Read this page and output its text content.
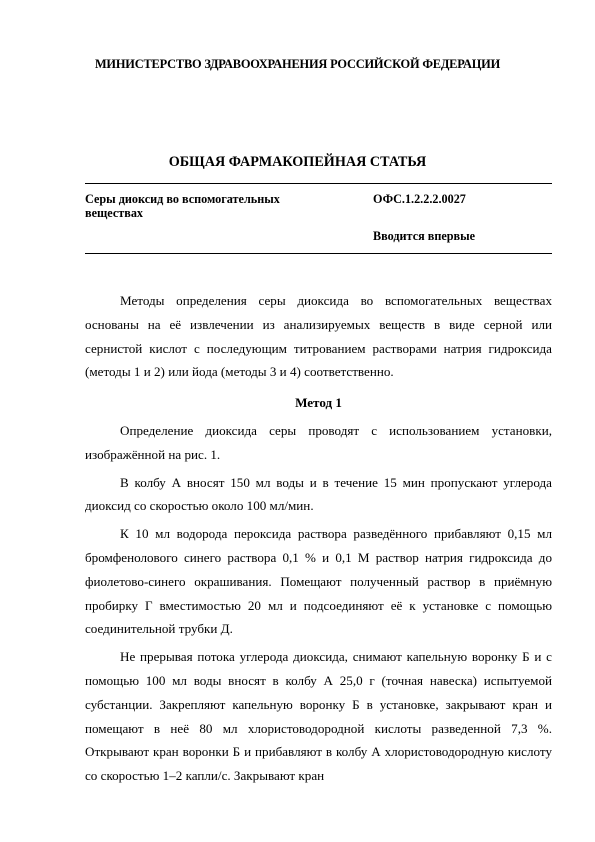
МИНИСТЕРСТВО ЗДРАВООХРАНЕНИЯ РОССИЙСКОЙ ФЕДЕРАЦИИ
ОБЩАЯ ФАРМАКОПЕЙНАЯ СТАТЬЯ
Серы диоксид во вспомогательных веществах
ОФС.1.2.2.2.0027
Вводится впервые

Методы определения серы диоксида во вспомогательных веществах основаны на её извлечении из анализируемых веществ в виде серной или сернистой кислот с последующим титрованием растворами натрия гидроксида (методы 1 и 2) или йода (методы 3 и 4) соответственно.

Метод 1

Определение диоксида серы проводят с использованием установки, изображённой на рис. 1.

В колбу А вносят 150 мл воды и в течение 15 мин пропускают углерода диоксид со скоростью около 100 мл/мин.

К 10 мл водорода пероксида раствора разведённого прибавляют 0,15 мл бромфенолового синего раствора 0,1 % и 0,1 М раствор натрия гидроксида до фиолетово-синего окрашивания. Помещают полученный раствор в приёмную пробирку Г вместимостью 20 мл и подсоединяют её к установке с помощью соединительной трубки Д.

Не прерывая потока углерода диоксида, снимают капельную воронку Б и с помощью 100 мл воды вносят в колбу А 25,0 г (точная навеска) испытуемой субстанции. Закрепляют капельную воронку Б в установке, закрывают кран и помещают в неё 80 мл хлористоводородной кислоты разведенной 7,3 %. Открывают кран воронки Б и прибавляют в колбу А хлористоводородную кислоту со скоростью 1–2 капли/с. Закрывают кран
